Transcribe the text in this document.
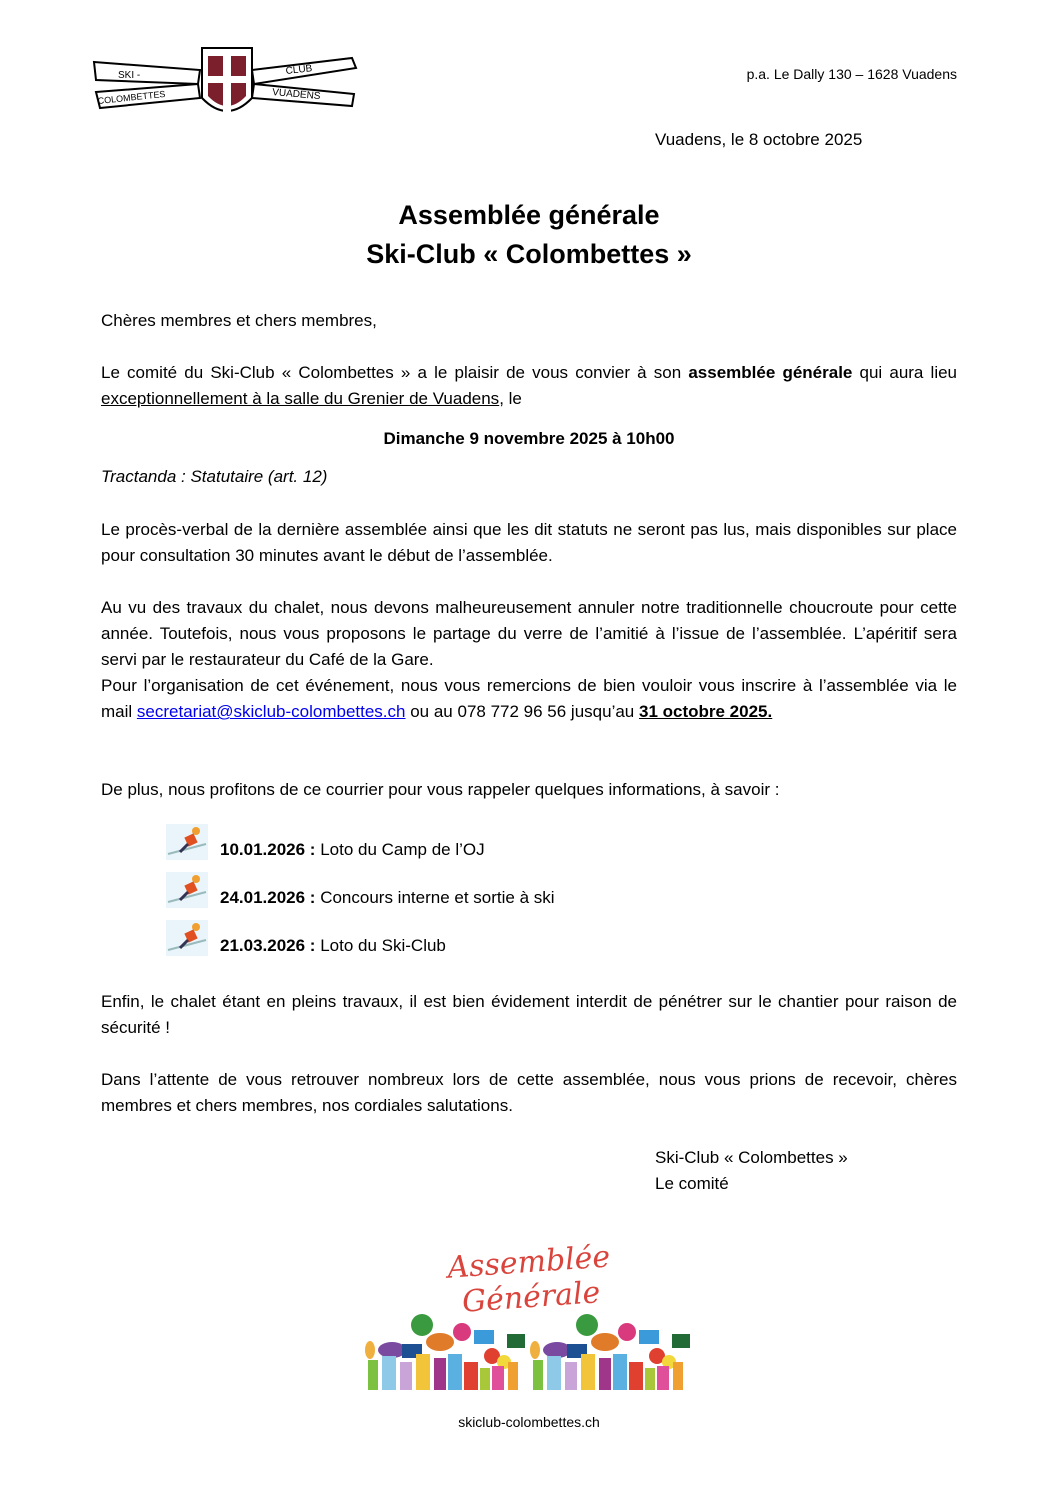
SKI -
COLOMBETTES
CLUB
VUADENS
p.a. Le Dally 130 – 1628 Vuadens
Vuadens, le 8 octobre 2025
Assemblée générale
Ski-Club « Colombettes »
Chères membres et chers membres,
Le comité du Ski-Club « Colombettes » a le plaisir de vous convier à son assemblée générale qui aura lieu exceptionnellement à la salle du Grenier de Vuadens, le
Dimanche 9 novembre 2025 à 10h00
Tractanda : Statutaire (art. 12)
Le procès-verbal de la dernière assemblée ainsi que les dit statuts ne seront pas lus, mais disponibles sur place pour consultation 30 minutes avant le début de l’assemblée.
Au vu des travaux du chalet, nous devons malheureusement annuler notre traditionnelle choucroute pour cette année. Toutefois, nous vous proposons le partage du verre de l’amitié à l’issue de l’assemblée. L’apéritif sera servi par le restaurateur du Café de la Gare.
Pour l’organisation de cet événement, nous vous remercions de bien vouloir vous inscrire à l’assemblée via le mail secretariat@skiclub-colombettes.ch ou au 078 772 96 56 jusqu’au 31 octobre 2025.
De plus, nous profitons de ce courrier pour vous rappeler quelques informations, à savoir :
10.01.2026 : Loto du Camp de l’OJ
24.01.2026 : Concours interne et sortie à ski
21.03.2026 : Loto du Ski-Club
Enfin, le chalet étant en pleins travaux, il est bien évidement interdit de pénétrer sur le chantier pour raison de sécurité !
Dans l’attente de vous retrouver nombreux lors de cette assemblée, nous vous prions de recevoir, chères membres et chers membres, nos cordiales salutations.
Ski-Club « Colombettes »
Le comité
Assemblée Générale
skiclub-colombettes.ch
